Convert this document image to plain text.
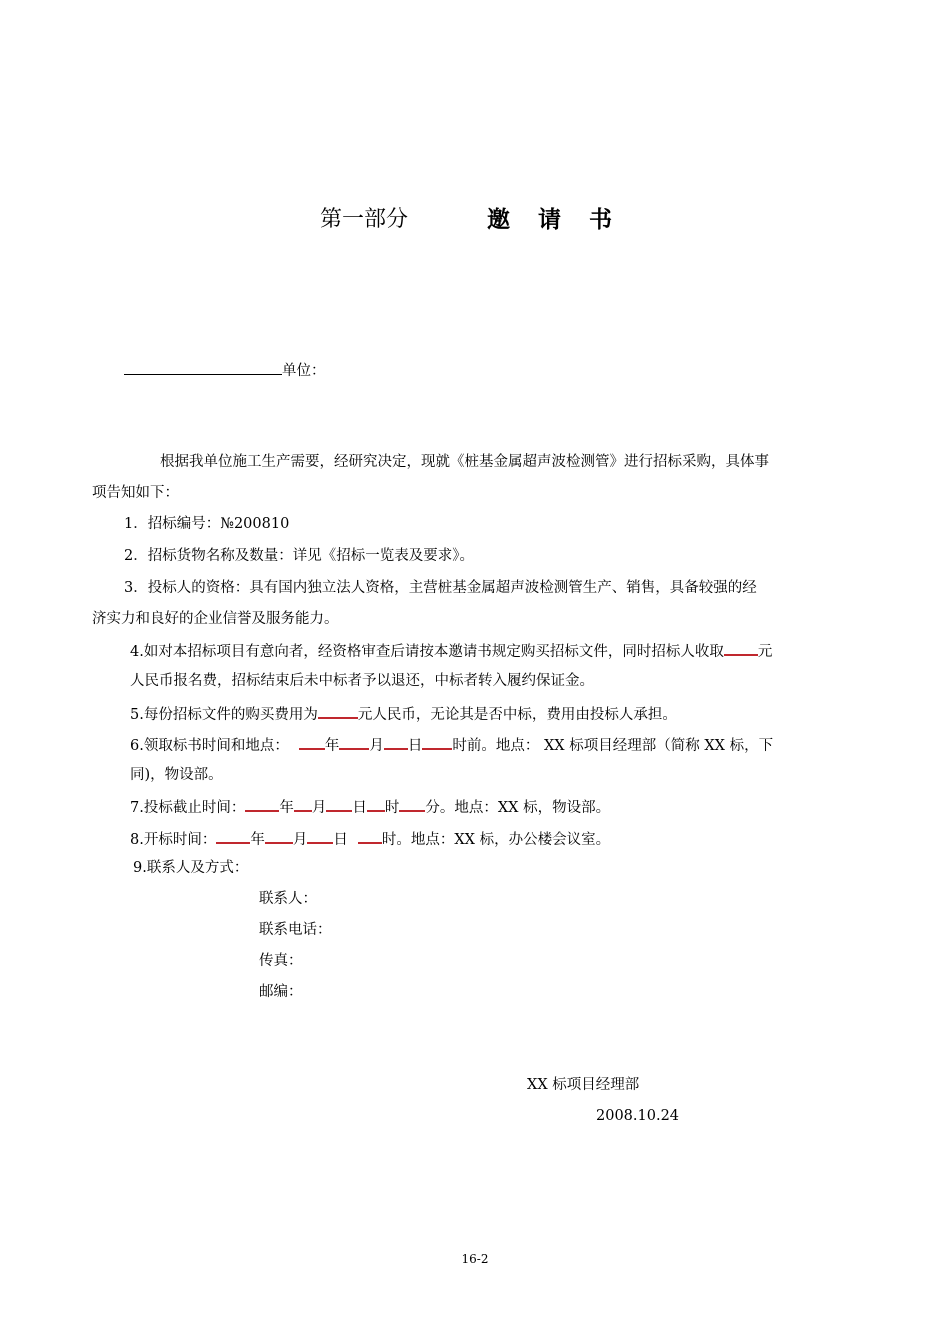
第一部分	邀 请 书
单位：
根据我单位施工生产需要，经研究决定，现就《桩基金属超声波检测管》进行招标采购，具体事
项告知如下：
1．招标编号：№200810
2．招标货物名称及数量：详见《招标一览表及要求》。
3．投标人的资格：具有国内独立法人资格，主营桩基金属超声波检测管生产、销售，具备较强的经
济实力和良好的企业信誉及服务能力。
4.如对本招标项目有意向者，经资格审查后请按本邀请书规定购买招标文件，同时招标人收取 元
人民币报名费，招标结束后未中标者予以退还，中标者转入履约保证金。
5.每份招标文件的购买费用为	元人民币，无论其是否中标，费用由投标人承担。
6.领取标书时间和地点： 年 月 日 时前。地点： XX 标项目经理部（简称 XX 标，下
同)，物设部。
7.投标截止时间： 年 月 日 时 分。地点：XX 标，物设部。
8.开标时间： 年 月 日 时。地点：XX 标，办公楼会议室。
9.联系人及方式：
联系人：
联系电话：
传真：
邮编：
XX 标项目经理部
2008.10.24
16-2
